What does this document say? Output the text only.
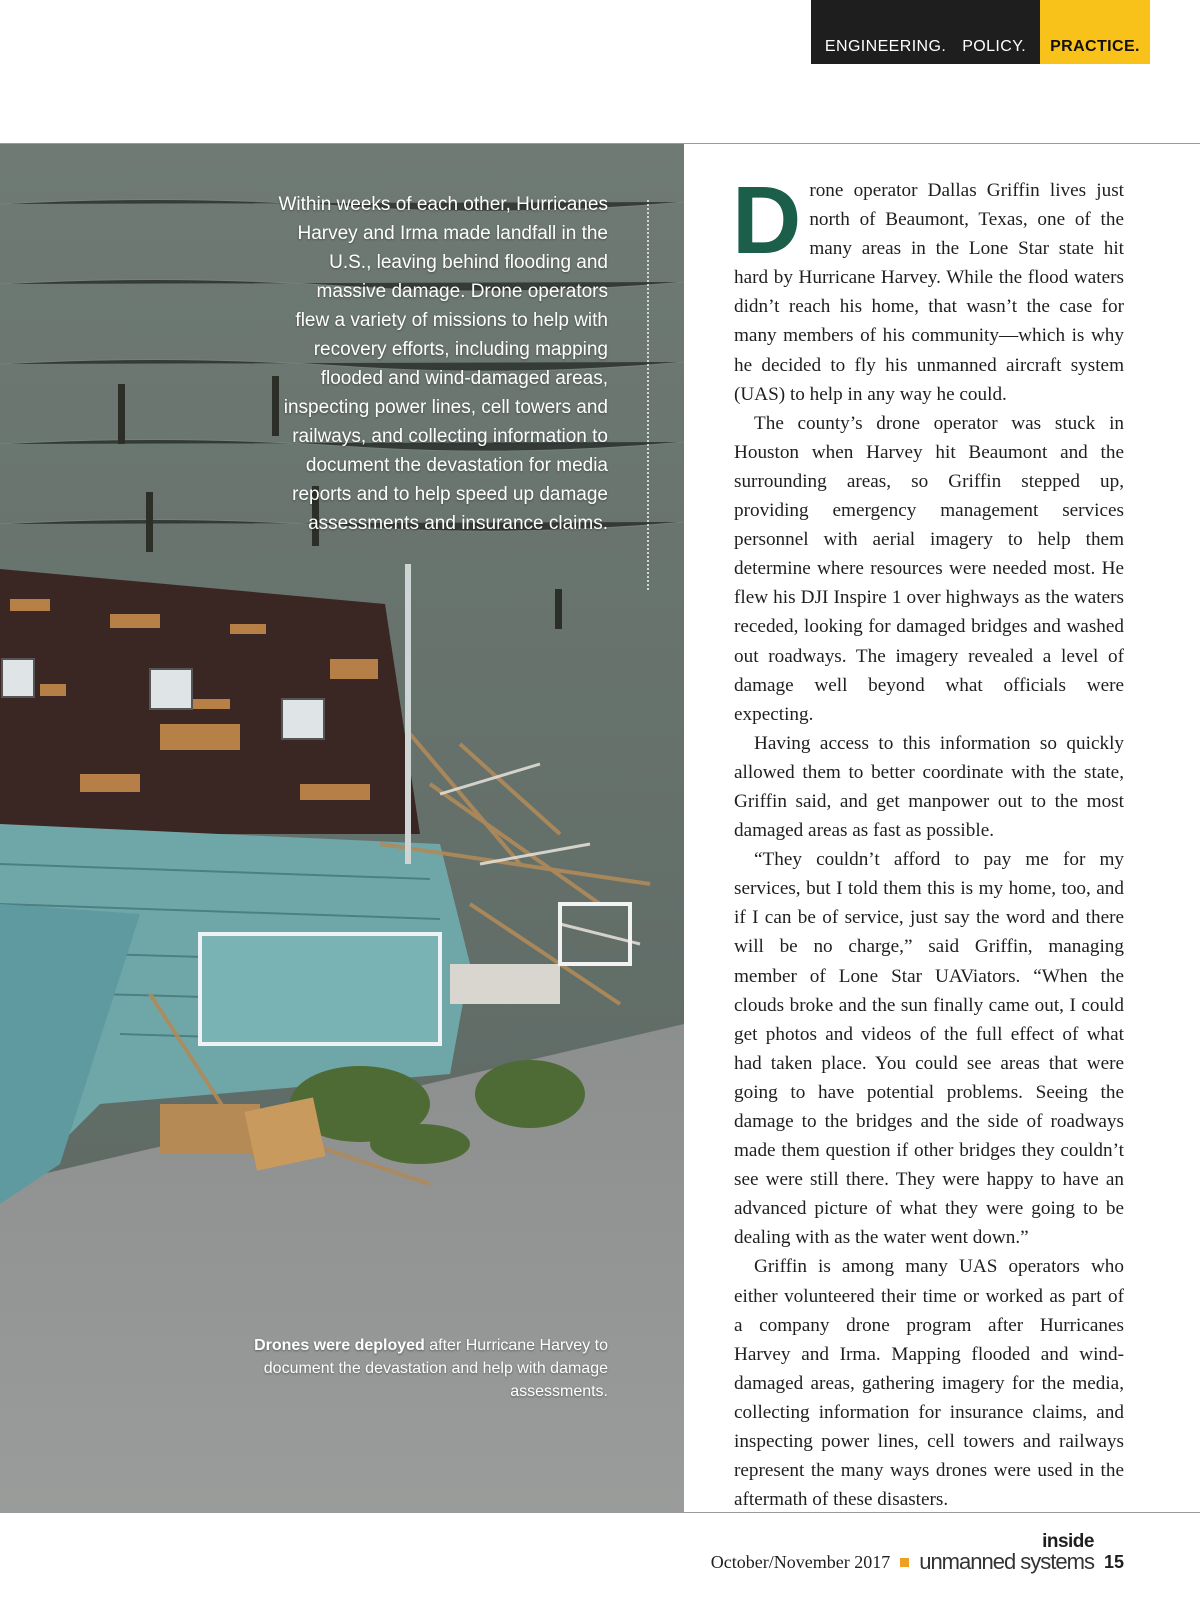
ENGINEERING. POLICY.	PRACTICE.
Within weeks of each other, Hurricanes Harvey and Irma made landfall in the U.S., leaving behind flooding and massive damage. Drone operators flew a variety of missions to help with recovery efforts, including mapping flooded and wind-damaged areas, inspecting power lines, cell towers and railways, and collecting information to document the devastation for media reports and to help speed up damage assessments and insurance claims.
Drones were deployed after Hurricane Harvey to document the devastation and help with damage assessments.

Drone operator Dallas Griffin lives just north of Beaumont, Texas, one of the many areas in the Lone Star state hit hard by Hurricane Harvey. While the flood waters didn’t reach his home, that wasn’t the case for many members of his community—which is why he decided to fly his unmanned aircraft system (UAS) to help in any way he could.

The county’s drone operator was stuck in Houston when Harvey hit Beaumont and the surrounding areas, so Griffin stepped up, providing emergency management services personnel with aerial imagery to help them determine where resources were needed most. He flew his DJI Inspire 1 over highways as the waters receded, looking for damaged bridges and washed out roadways. The imagery revealed a level of damage well beyond what officials were expecting.

Having access to this information so quickly allowed them to better coordinate with the state, Griffin said, and get manpower out to the most damaged areas as fast as possible.

“They couldn’t afford to pay me for my services, but I told them this is my home, too, and if I can be of service, just say the word and there will be no charge,” said Griffin, managing member of Lone Star UAViators. “When the clouds broke and the sun finally came out, I could get photos and videos of the full effect of what had taken place. You could see areas that were going to have potential problems. Seeing the damage to the bridges and the side of roadways made them question if other bridges they couldn’t see were still there. They were happy to have an advanced picture of what they were going to be dealing with as the water went down.”

Griffin is among many UAS operators who either volunteered their time or worked as part of a company drone program after Hurricanes Harvey and Irma. Mapping flooded and wind-damaged areas, gathering imagery for the media, collecting information for insurance claims, and inspecting power lines, cell towers and railways represent the many ways drones were used in the aftermath of these disasters.

October/November 2017
inside
unmanned systems 15
